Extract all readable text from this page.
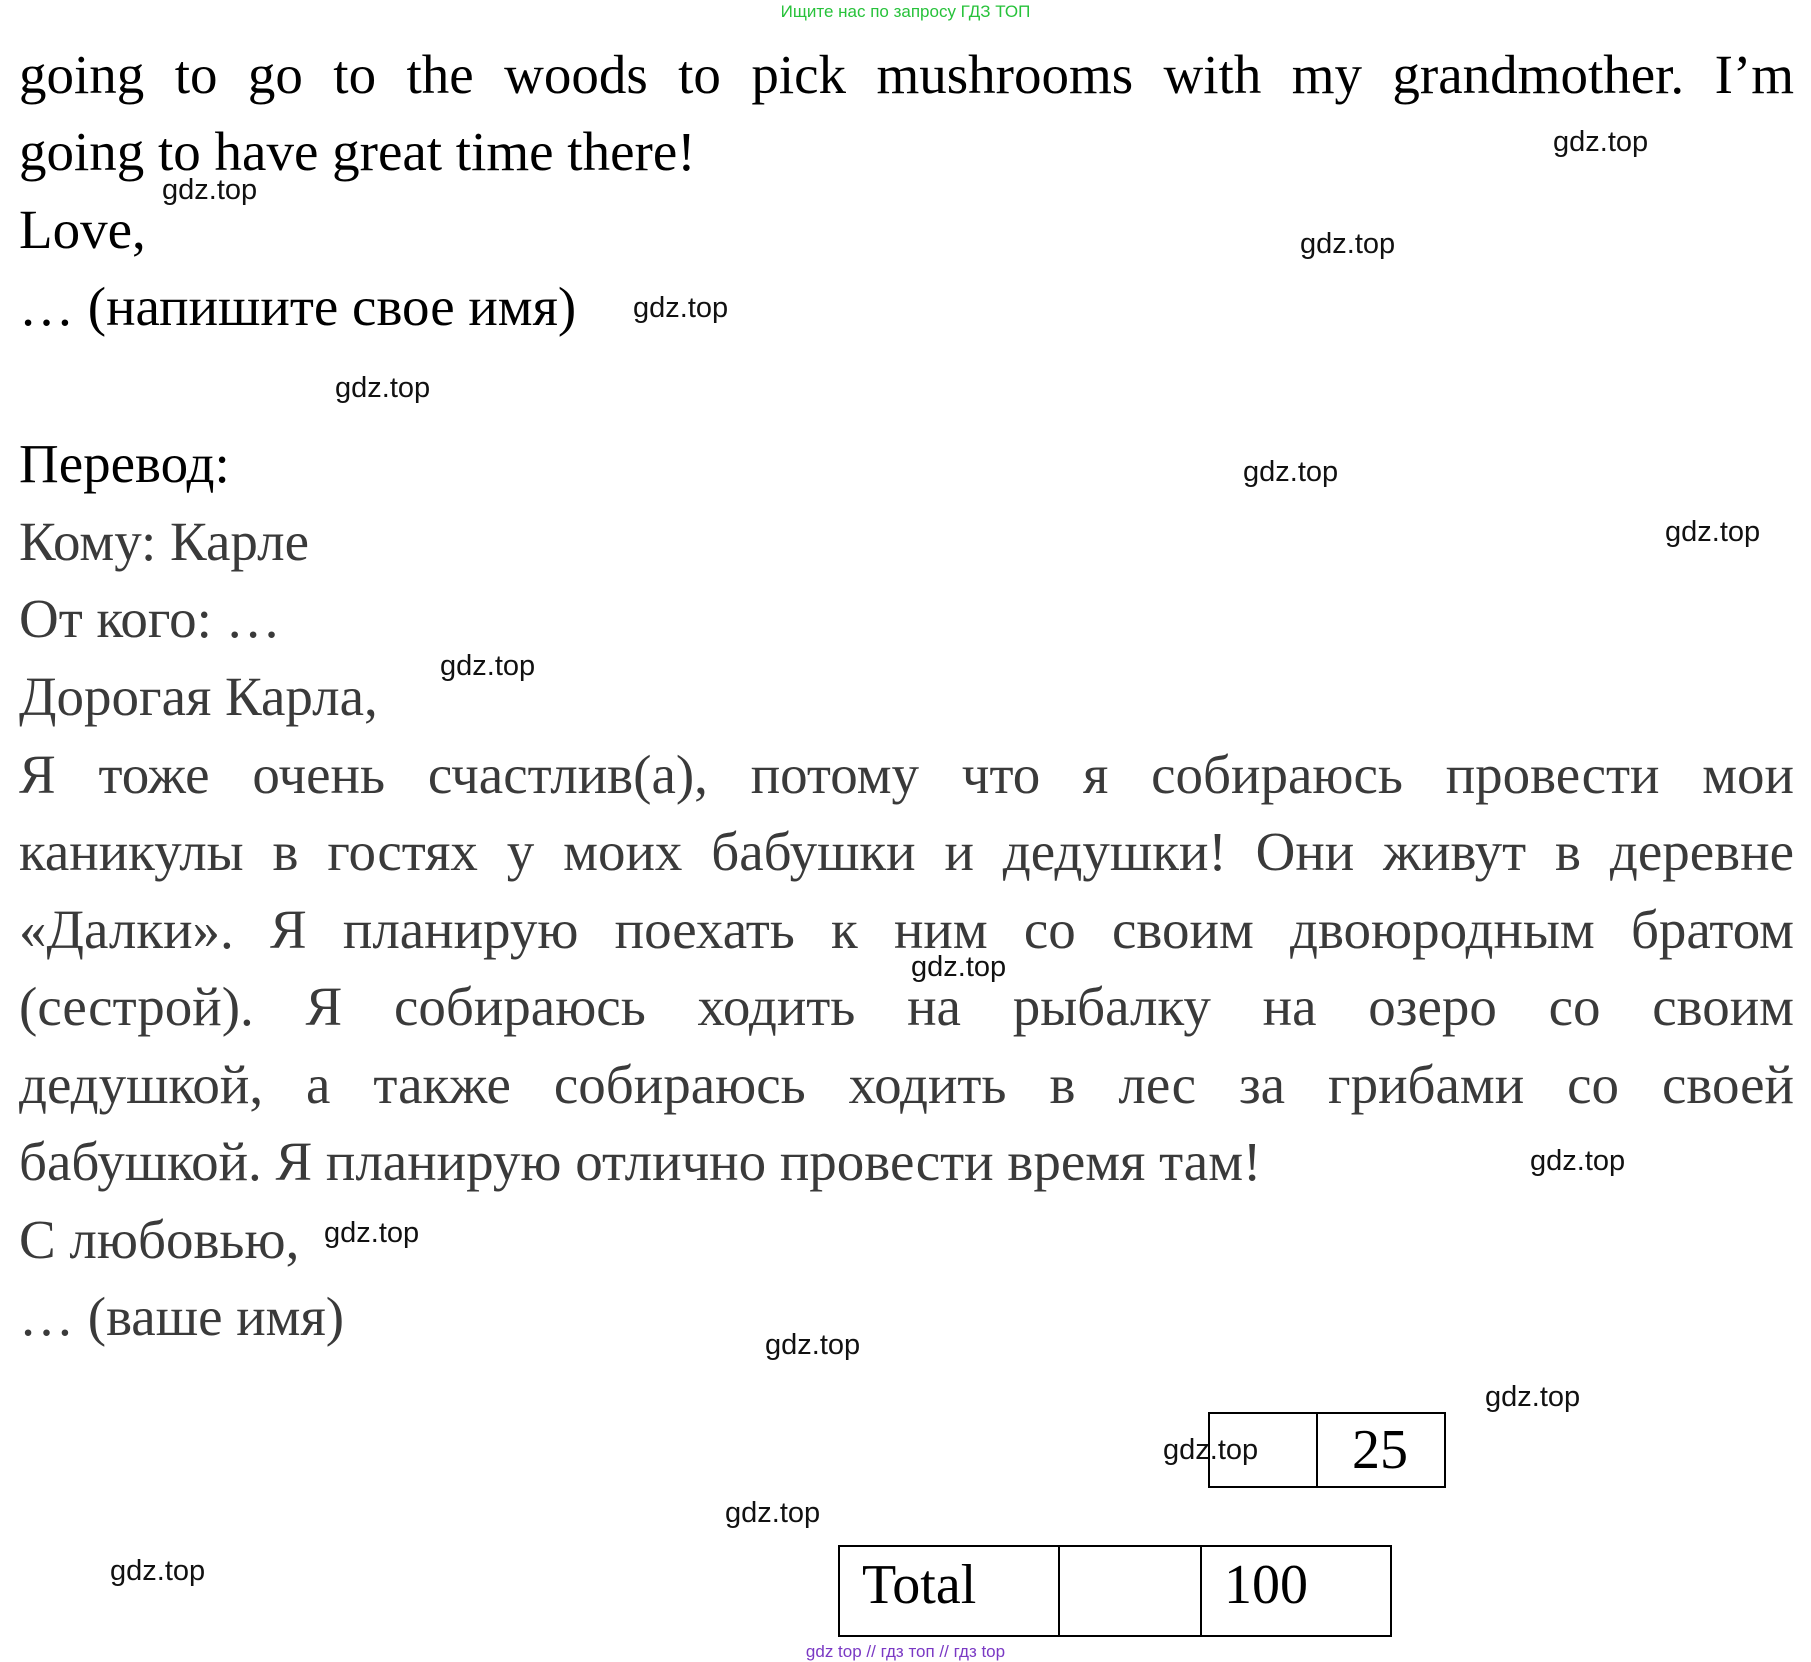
Ищите нас по запросу ГДЗ ТОП
going to go to the woods to pick mushrooms with my grandmother. I’m
going to have great time there!
Love,
… (напишите свое имя)
Перевод:
Кому: Карле
От кого: …
Дорогая Карла,
Я тоже очень счастлив(а), потому что я собираюсь провести мои
каникулы в гостях у моих бабушки и дедушки! Они живут в деревне
«Далки». Я планирую поехать к ним со своим двоюродным братом
(сестрой). Я собираюсь ходить на рыбалку на озеро со своим
дедушкой, а также собираюсь ходить в лес за грибами со своей
бабушкой. Я планирую отлично провести время там!
С любовью,
… (ваше имя)
25
Total	100
gdz.top
gdz.top
gdz.top
gdz.top
gdz.top
gdz.top
gdz.top
gdz.top
gdz.top
gdz.top
gdz.top
gdz.top
gdz.top
gdz.top
gdz.top
gdz.top
gdz top // гдз топ // гдз top
